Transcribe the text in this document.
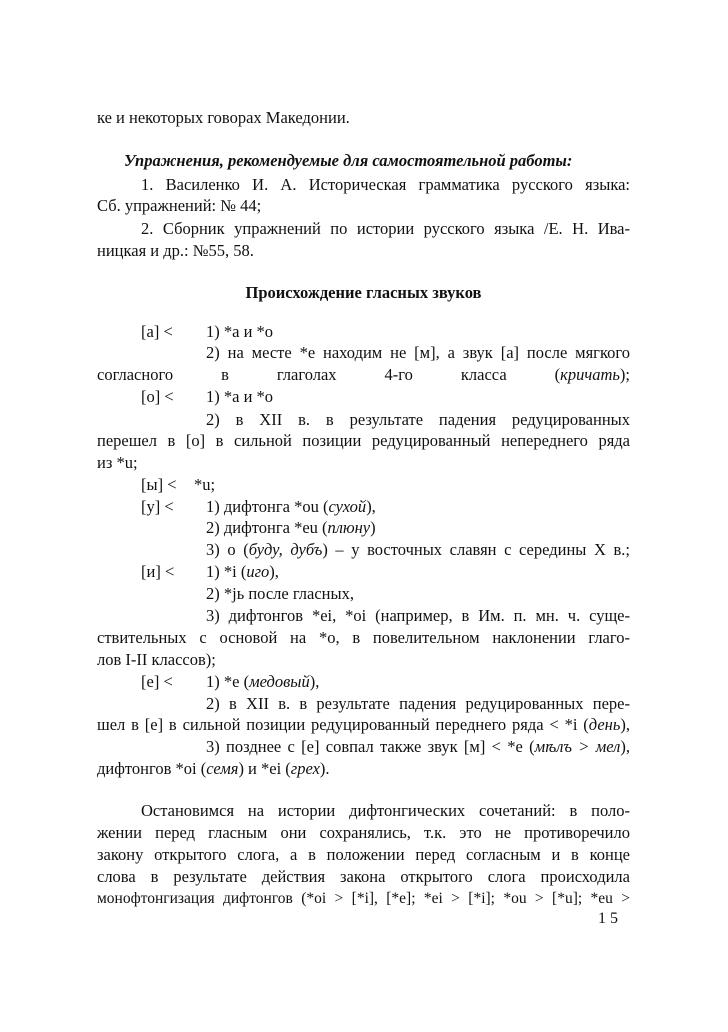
ке и некоторых говорах Македонии.
Упражнения, рекомендуемые для самостоятельной работы:
1. Василенко И. А. Историческая грамматика русского языка:
Сб. упражнений: № 44;
2. Сборник упражнений по истории русского языка /Е. Н. Ива-
ницкая и др.: №55, 58.
Происхождение гласных звуков
[а] < 1) *а и *о
2) на месте *е находим не [м], а звук [а] после мягкого
согласного в глаголах 4-го класса (кричать);
[о] < 1) *а и *о
2) в XII в. в результате падения редуцированных
перешел в [о] в сильной позиции редуцированный непереднего ряда
из *u;
[ы] < *u;
[у] < 1) дифтонга *ou (сухой),
2) дифтонга *eu (плюну)
3) о (буду, дубъ) – у восточных славян с середины Х в.;
[и] < 1) *i (иго),
2) *jь после гласных,
3) дифтонгов *ei, *oi (например, в Им. п. мн. ч. суще-
ствительных с основой на *о, в повелительном наклонении глаго-
лов I-II классов);
[е] < 1) *е (медовый),
2) в XII в. в результате падения редуцированных пере-
шел в [е] в сильной позиции редуцированный переднего ряда < *i (день),
3) позднее с [е] совпал также звук [м] < *е (мѣлъ > мел),
дифтонгов *oi (семя) и *ei (грех).
Остановимся на истории дифтонгических сочетаний: в поло-
жении перед гласным они сохранялись, т.к. это не противоречило
закону открытого слога, а в положении перед согласным и в конце
слова в результате действия закона открытого слога происходила
монофтонгизация дифтонгов (*oi > [*i], [*e]; *ei > [*i]; *ou > [*u]; *eu >
1 5
